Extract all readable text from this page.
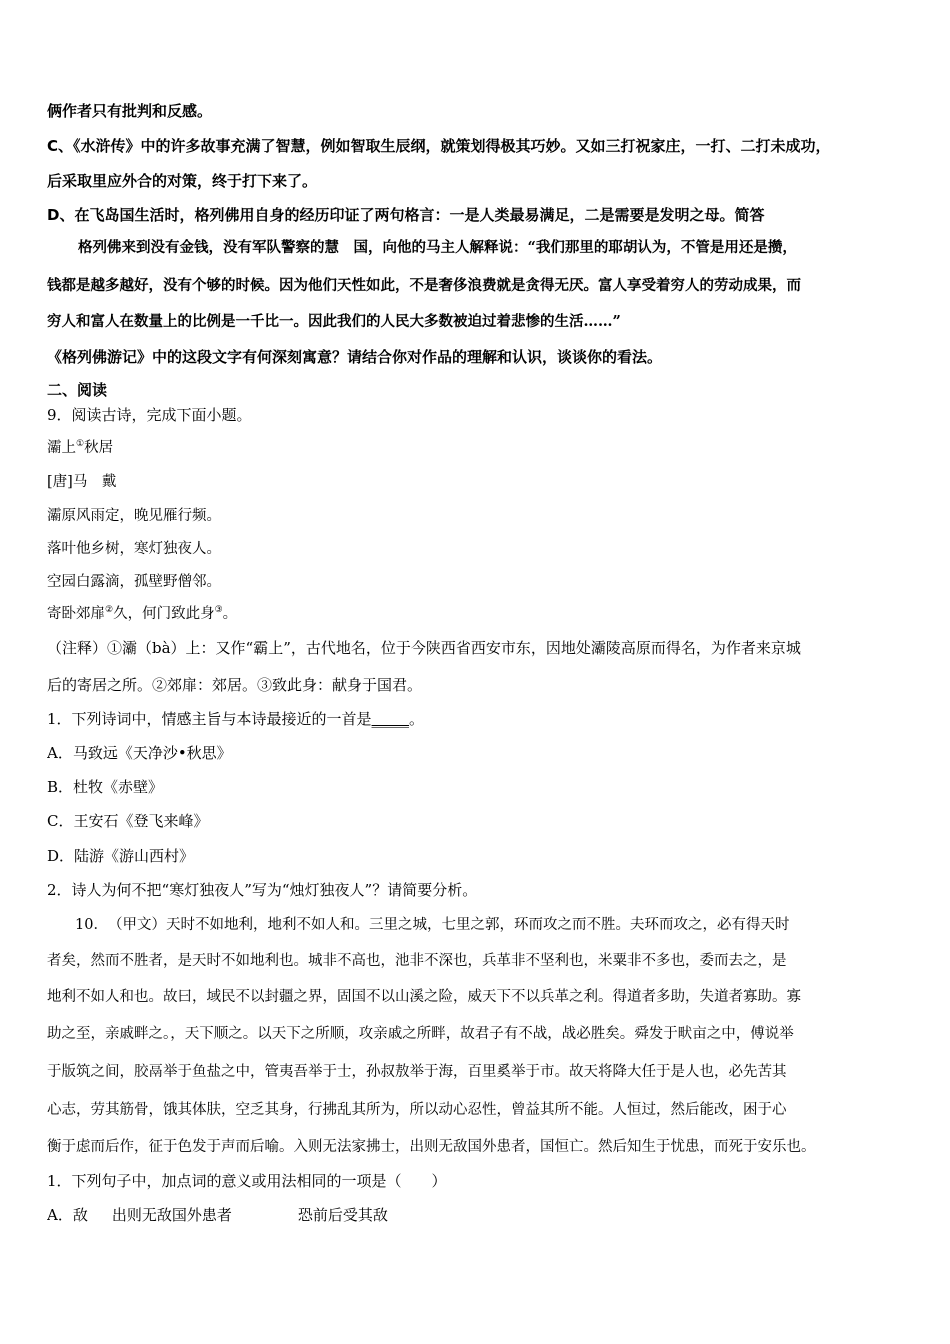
俩作者只有批判和反感。
C、《水浒传》中的许多故事充满了智慧，例如智取生辰纲，就策划得极其巧妙。又如三打祝家庄，一打、二打未成功，
后采取里应外合的对策，终于打下来了。
D、在飞岛国生活时，格列佛用自身的经历印证了两句格言：一是人类最易满足，二是需要是发明之母。简答
格列佛来到没有金钱，没有军队警察的慧　国，向他的马主人解释说：“我们那里的耶胡认为，不管是用还是攒，
钱都是越多越好，没有个够的时候。因为他们天性如此，不是奢侈浪费就是贪得无厌。富人享受着穷人的劳动成果，而
穷人和富人在数量上的比例是一千比一。因此我们的人民大多数被迫过着悲惨的生活……”
《格列佛游记》中的这段文字有何深刻寓意？请结合你对作品的理解和认识，谈谈你的看法。
二、阅读
9．阅读古诗，完成下面小题。
灞上①秋居
[唐]马　戴
灞原风雨定，晚见雁行频。
落叶他乡树，寒灯独夜人。
空园白露滴，孤壁野僧邻。
寄卧郊扉②久，何门致此身③。
（注释）①灞（bà）上：又作“霸上”，古代地名，位于今陕西省西安市东，因地处灞陵高原而得名，为作者来京城
后的寄居之所。②郊扉：郊居。③致此身：献身于国君。
1．下列诗词中，情感主旨与本诗最接近的一首是_____。
A．马致远《天净沙•秋思》
B．杜牧《赤壁》
C．王安石《登飞来峰》
D．陆游《游山西村》
2．诗人为何不把“寒灯独夜人”写为“烛灯独夜人”？请简要分析。
10．　（甲文）天时不如地利，地利不如人和。三里之城，七里之郭，环而攻之而不胜。夫环而攻之，必有得天时
者矣，然而不胜者，是天时不如地利也。城非不高也，池非不深也，兵革非不坚利也，米粟非不多也，委而去之，是
地利不如人和也。故曰，域民不以封疆之界，固国不以山溪之险，威天下不以兵革之利。得道者多助，失道者寡助。寡
助之至，亲戚畔之。，天下顺之。以天下之所顺，攻亲戚之所畔，故君子有不战，战必胜矣。舜发于畎亩之中，傅说举
于版筑之间，胶鬲举于鱼盐之中，管夷吾举于士，孙叔敖举于海，百里奚举于市。故天将降大任于是人也，必先苦其
心志，劳其筋骨，饿其体肤，空乏其身，行拂乱其所为，所以动心忍性，曾益其所不能。人恒过，然后能改，困于心
衡于虑而后作，征于色发于声而后喻。入则无法家拂士，出则无敌国外患者，国恒亡。然后知生于忧患，而死于安乐也。
1．下列句子中，加点词的意义或用法相同的一项是（　　）
A．敌 出则无敌国外患者	恐前后受其敌
